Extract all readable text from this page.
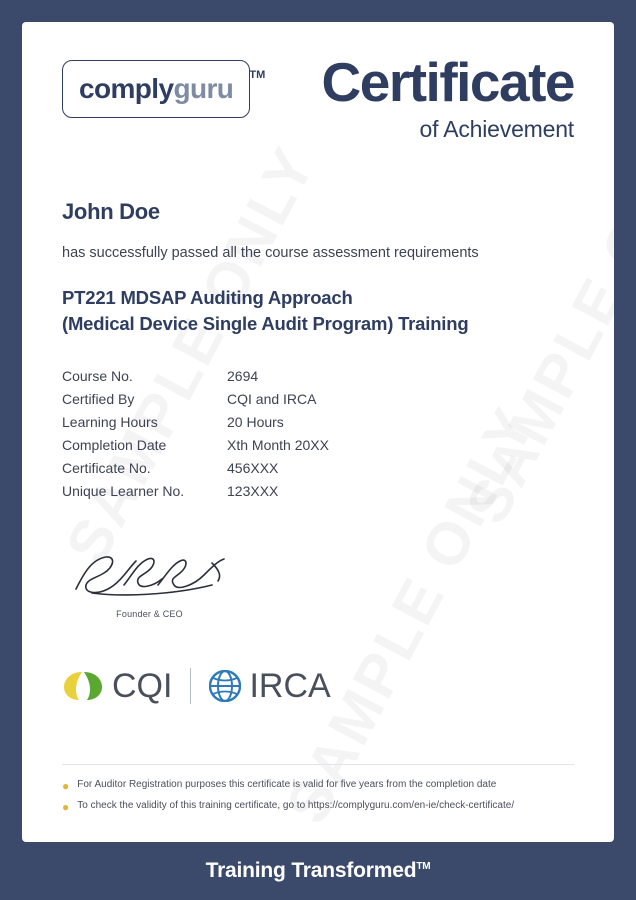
complyguru TM Certificate
of Achievement
John Doe
has successfully passed all the course assessment requirements
PT221 MDSAP Auditing Approach
(Medical Device Single Audit Program) Training
Course No.	2694
Certified By	CQI and IRCA
Learning Hours	20 Hours
Completion Date	Xth Month 20XX
Certificate No.	456XXX
Unique Learner No.	123XXX
Founder & CEO
CQI IRCA
● For Auditor Registration purposes this certificate is valid for five years from the completion date
● To check the validity of this training certificate, go to https://complyguru.com/en-ie/check-certificate/
Training Transformed™
